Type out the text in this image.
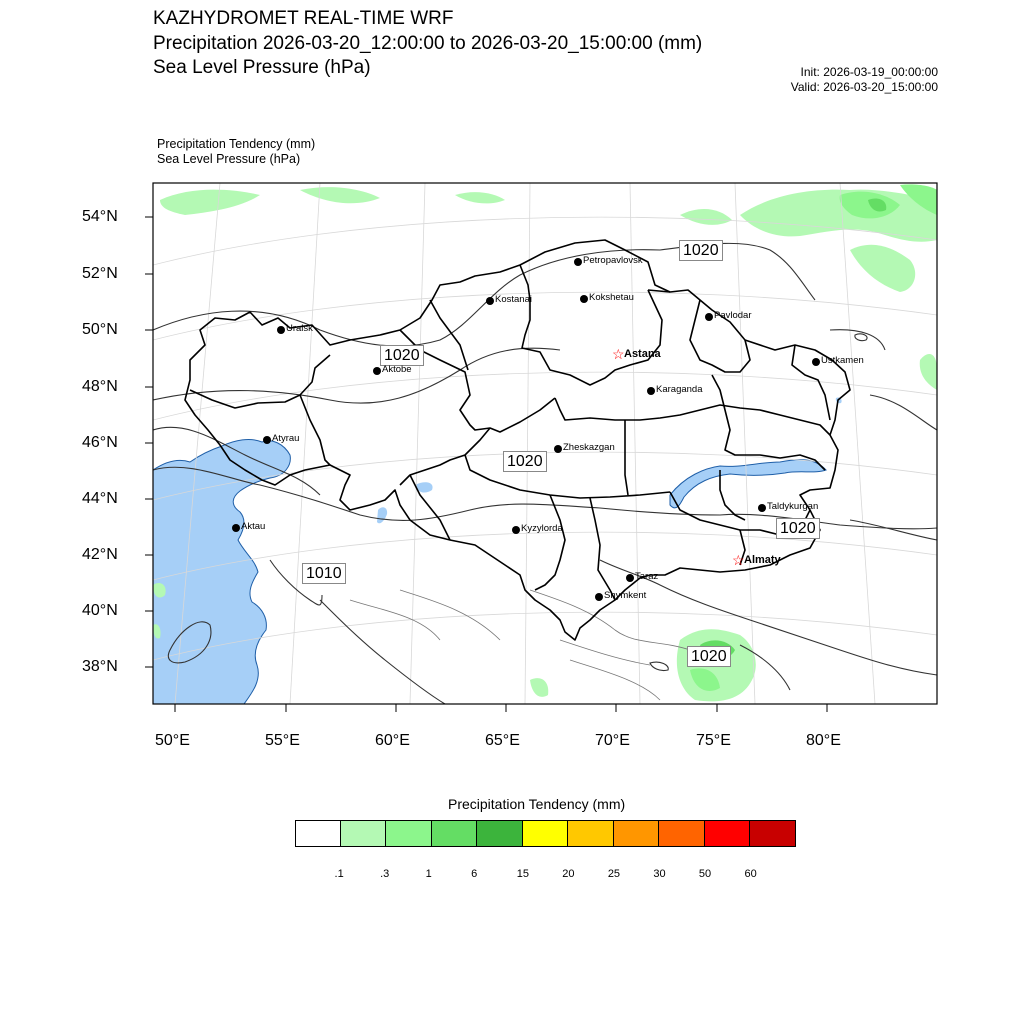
KAZHYDROMET REAL-TIME WRF
Precipitation 2026-03-20_12:00:00 to 2026-03-20_15:00:00 (mm)
Sea Level Pressure (hPa)	Init: 2026-03-19_00:00:00
Valid: 2026-03-20_15:00:00
Precipitation Tendency (mm)
Sea Level Pressure (hPa)
54°N
52°N
50°N
48°N
46°N
44°N
42°N
40°N
38°N
50°E	55°E	60°E	65°E	70°E	75°E	80°E
1020
1020
1020
1020
1010
1020
Petropavlovsk
Kostanai	Kokshetau
Pavlodar
Uralsk
Aktobe
☆ Astana
Ustkamen
Karaganda
Atyrau
Zheskazgan
Aktau	Kyzylorda
Taldykurgan
☆ Almaty
Taraz
Shymkent
Precipitation Tendency (mm)
.1	.3	1	6	15	20	25	30	50	60
